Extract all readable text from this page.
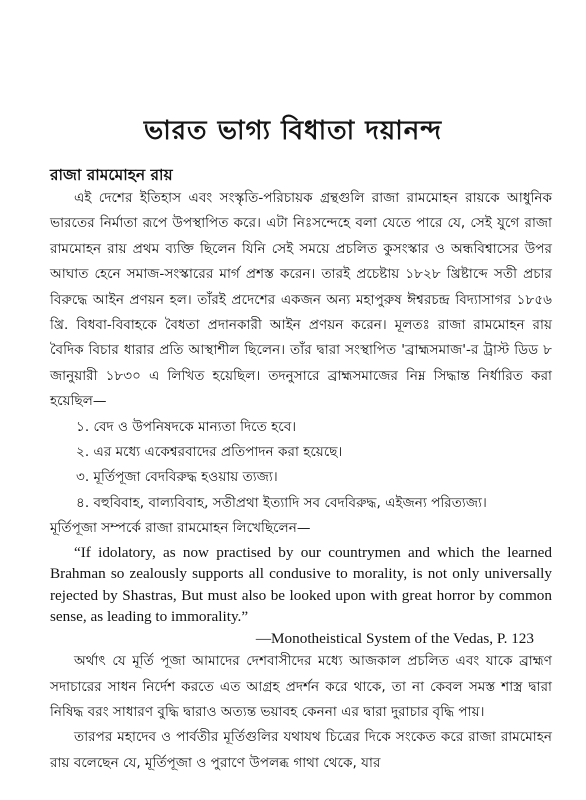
ভারত ভাগ্য বিধাতা দয়ানন্দ
রাজা রামমোহন রায়

এই দেশের ইতিহাস এবং সংস্কৃতি-পরিচায়ক গ্রন্থগুলি রাজা রামমোহন রায়কে আধুনিক ভারতের নির্মাতা রূপে উপস্থাপিত করে। এটা নিঃসন্দেহে বলা যেতে পারে যে, সেই যুগে রাজা রামমোহন রায় প্রথম ব্যক্তি ছিলেন যিনি সেই সময়ে প্রচলিত কুসংস্কার ও অন্ধবিশ্বাসের উপর আঘাত হেনে সমাজ-সংস্কারের মার্গ প্রশস্ত করেন। তারই প্রচেষ্টায় ১৮২৮ খ্রিষ্টাব্দে সতী প্রচার বিরুদ্ধে আইন প্রণয়ন হল। তাঁরই প্রদেশের একজন অন্য মহাপুরুষ ঈশ্বরচন্দ্র বিদ্যাসাগর ১৮৫৬ খ্রি. বিধবা-বিবাহকে বৈধতা প্রদানকারী আইন প্রণয়ন করেন। মূলতঃ রাজা রামমোহন রায় বৈদিক বিচার ধারার প্রতি আস্থাশীল ছিলেন। তাঁর দ্বারা সংস্থাপিত 'ব্রাহ্মসমাজ'-র ট্রাস্ট ডিড ৮ জানুয়ারী ১৮৩০ এ লিখিত হয়েছিল। তদনুসারে ব্রাহ্মসমাজের নিম্ন সিদ্ধান্ত নির্ধারিত করা হয়েছিল—

১. বেদ ও উপনিষদকে মান্যতা দিতে হবে।
২. এর মধ্যে একেশ্বরবাদের প্রতিপাদন করা হয়েছে।
৩. মূর্তিপূজা বেদবিরুদ্ধ হওয়ায় ত্যজ্য।
৪. বহুবিবাহ, বাল্যবিবাহ, সতীপ্রথা ইত্যাদি সব বেদবিরুদ্ধ, এইজন্য পরিত্যজ্য।

মূর্তিপূজা সম্পর্কে রাজা রামমোহন লিখেছিলেন—

“If idolatory, as now practised by our countrymen and which the learned Brahman so zealously supports all condusive to morality, is not only universally rejected by Shastras, But must also be looked upon with great horror by common sense, as leading to immorality.”

—Monotheistical System of the Vedas, P. 123

অর্থাৎ যে মূর্তি পূজা আমাদের দেশবাসীদের মধ্যে আজকাল প্রচলিত এবং যাকে ব্রাহ্মণ সদাচারের সাধন নির্দেশ করতে এত আগ্রহ প্রদর্শন করে থাকে, তা না কেবল সমস্ত শাস্ত্র দ্বারা নিষিদ্ধ বরং সাধারণ বুদ্ধি দ্বারাও অত্যন্ত ভয়াবহ কেননা এর দ্বারা দুরাচার বৃদ্ধি পায়।

তারপর মহাদেব ও পার্বতীর মূর্তিগুলির যথাযথ চিত্রের দিকে সংকেত করে রাজা রামমোহন রায় বলেছেন যে, মূর্তিপূজা ও পুরাণে উপলব্ধ গাথা থেকে, যার
